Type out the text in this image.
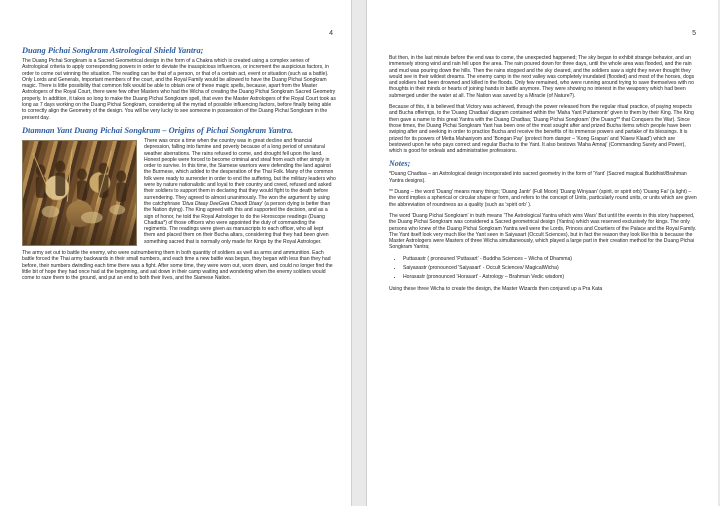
4
Duang Pichai Songkram Astrological Shield Yantra;

The Duang Pichai Songkram is a Sacred Geometrical design in the form of a Chakra which is created using a complex series of Astrological criteria to apply corresponding powers in order to deviate the inauspicious influences, or increment the auspicious factors, in order to come out winning the situation. The reading can be that of a person, or that of a certain act, event or situation (such as a battle). Only Lords and Generals, Important members of the court, and the Royal Family would be allowed to have the Duang Pichai Songkram magic. There is little possibility that common folk would be able to obtain one of these magic spells, because, apart from the Master Astrologers of the Royal Court, there were few other Masters who had the Wicha of creating the Duang Pichai Songkram Sacred Geometry properly. In addition, it takes so long to make the Duang Pichai Songkram spell, that even the Master Astrologers of the Royal Court took as long as 7 days working on the Duang Pichai Songkram, considering all the myriad of possible influencing factors, before finally being able to correctly align the Geometry of the design. You will be very lucky to see someone in possession of the Duang Pichai Songkram in the present day.

Dtamnan Yant Duang Pichai Songkram – Origins of Pichai Songkram Yantra.

There was once a time when the country was in great decline and financial depression, falling into famine and poverty because of a long period of unnatural weather aberrations. The rains refused to come, and drought fell upon the land. Honest people were forced to become criminal and steal from each other simply in order to survive. In this time, the Siamese warriors were defending the land against the Burmese, which added to the desperation of the Thai Folk. Many of the common folk were ready to surrender in order to end the suffering, but the military leaders who were by nature nationalistic and loyal to their country and creed, refused and asked their soldiers to support them in declaring that they would fight to the death before surrendering. They agreed to almost unanimously. The won the argument by using the catchphrase 'Dtua Dtaay DeeGwa Chaodt Dtaay' (a person dying is better than the Nation dying). The King agreed with this and supported the decision, and as a sign of honor, he told the Royal Astrologer to do the Horoscope readings (Duang Chadtaa*) of those officers who were appointed the duty of commanding the regiments. The readings were given as manuscripts to each officer, who all kept them and placed them on their Bucha altars, considering that they had been given something sacred that is normally only made for Kings by the Royal Astrologer.

The army set out to battle the enemy, who were outnumbering them in both quantity of soldiers as well as arms and ammunition. Each battle forced the Thai army backwards in their small numbers, and each time a new battle was begun, they began with less than they had before, their numbers dwindling each time there was a fight. After some time, they were worn out, worn down, and could no longer find the little bit of hope they had once had at the beginning, and sat down in their camp waiting and wondering when the enemy soldiers would come to raze them to the ground, and put an end to both their lives, and the Siamese Nation.

5

But then, in the last minute before the end was to come, the unexpected happened; The sky began to exhibit strange behavior, and an immensely strong wind and rain fell upon the area. The rain poured down for three days, until the whole area was flooded, and the rain and mud was pouring down the hills. Then the rains stopped and the sky cleared, and the soldiers saw a sight they never thought they would see in their wildest dreams. The enemy camp in the next valley was completely inundated (flooded) and most of the horses, dogs and soldiers had been drowned and killed in the floods. Only few remained, who were running around trying to save themselves with no thoughts in their minds or hearts of joining hands in battle anymore. They were showing no interest in the weaponry which had been submerged under the water at all. The Nation was saved by a Miracle (of Nature?).

Because of this, it is believed that Victory was achieved, through the power released from the regular ritual practice, of paying respects and Bucha offerings, to the 'Duang Chadtaa' diagram contained within the 'Maha Yant Puttamontr' given to them by their King. The King then gave a name to this great Yantra with the Duang Chadtaa; 'Duang Pichai Songkram' (the Duang** that Conquers the War). Since those times, the Duang Pichai Songkram Yant has been one of the most sought after and prized Bucha items which people have been swiping after and seeking in order to practice Bucha and receive the benefits of its immense powers and partake of its blessings. It is prized for its powers of Metta Mahaniyom and 'Bongan Pay' (protect from danger – 'Kong Grapan' and 'Klaew Klaad') which are bestowed upon he who pays correct and regular Bucha to the Yant. It also bestows 'Maha Amnaj' (Commanding Surety and Power), which is good for ordeals and administrative professions.

Notes;

*Duang Chadtaa – an Astrological design incorporated into sacred geometry in the form of 'Yant' (Sacred magical Buddhist/Brahman Yantra designs).

** Duang – the word 'Duang' means many things; 'Duang Jantr' (Full Moon) 'Duang Winyaan' (spirit, or spirit orb) 'Duang Fai' (a light) – the word implies a spherical or circular shape or form, and refers to the concept of Units, particularly round units, or units which are given the abbreviation of roundness as a quality (such as 'spirit orb' ).

The word 'Duang Pichai Songkram' in truth means 'The Astrological Yantra which wins Wars' But until the events in this story happened, the Duang Pichai Songkram was considered a Sacred geometrical design (Yantra) which was reserved exclusively for kings. The only persons who knew of the Duang Pichai Songkram Yantra well were the Lords, Princes and Courtiers of the Palace and the Royal Family. The Yant itself look very much like the Yant seen in Saiyasart (Occult Sciences), but in fact the reason they look like this is because the Master Astrologers were Masters of three Wicha simultaneously, which played a large part in their creation method for the Duang Pichai Songkram Yantra;

• Puttasastr ( pronouned 'Puttasart' - Buddha Sciences – Wicha of Dhamma)
• Saiyasastr (pronounced 'Saiyasart' - Occult Sciences/ MagicalWicha)
• Horasastr (pronounced 'Horasart' - Astrology – Brahman Vedic wisdom)

Using these three Wicha to create the design, the Master Wizards then conjured up a Pra Kata
